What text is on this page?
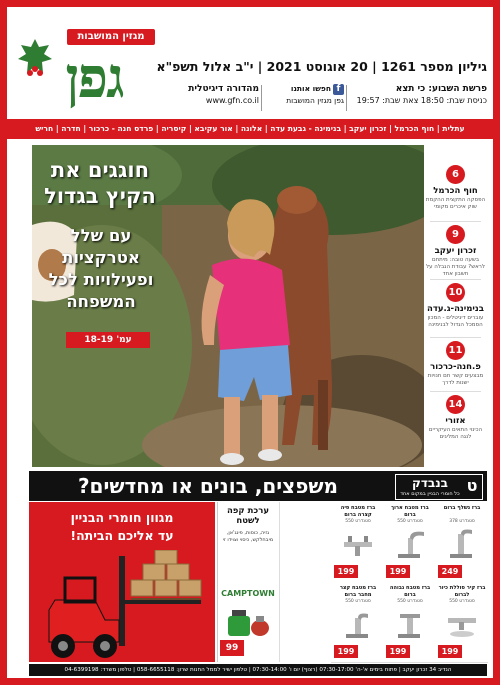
מגזין המושבות
גפן	גיליון מספר 1261 | 20 אוגוסט 2021 | י"ב אלול תשפ"א
פרשת השבוע: כי תצא
כניסת שבת: 18:50 צאת שבת: 19:57
fחפשו אותנו
גפן מגזין המושבות
מהדורה דיגיטלית
www.gfn.co.il
עתלית | חוף הכרמל | זכרון יעקב | בנימינה - גבעת עדה | אלונה | אור עקיבא | קיסריה | פרדס חנה - כרכור | חדרה | חריש
חוגגים את הקיץ בגדול
עם שלל אטרקציות ופעילויות לכל המשפחה
עמ' 18-19
6
חוף הכרמל
הפסקה התקצית ההקמת שוק איכרים מקומי
9
זכרון יעקב
בשעה טובה: מיתחם לראש? עבודת הגבלה על חשבון אחד
10
בנימינה-ג.עדה
עוברים דיגיטלים - המכון הסמכל הגדול לבנימינה
11
פ.חנה-כרכור
מבצעים קשר חם חנויות ישנות לדרך
14
אזורי
הכינוי התאים העיקריים לנגה המליגים
משפצים, בונים או מחדשים?	בנבדק
כל חומרי הבניין במקום אחד ט
מגוון חומרי הבניין
עד אליכם הביתה!
ערכת קפה לשטח
גזיה, כוסות, פינג'אן, מיבחלקש, כיסוי וצוידו זי
CAMPTOWN
99
ברז נשלף ברום
סטנדרט 378
249
ברז מטבח ארוך ברום
סטנדרט 550
199
ברז מטבח פיה קצרה ברום
סטנדרט 550
199
ברז קיר סוללת כיור לברום
סטנדרט 550
199
ברז מטבח גבוהה ברום
סטנדרט 550
199
ברז מטבח קצר מחבר ברום
סטנדרט 550
199
הנדיב 34 זכרון יעקב | פתוח בימים א'-ה' 07:30-17:00 (רצוף) יום ו' 07:30-14:00 | טלפון ישיר לממל החנות שרון: 058-6655118 | טלפון משרד: 04-6399198
